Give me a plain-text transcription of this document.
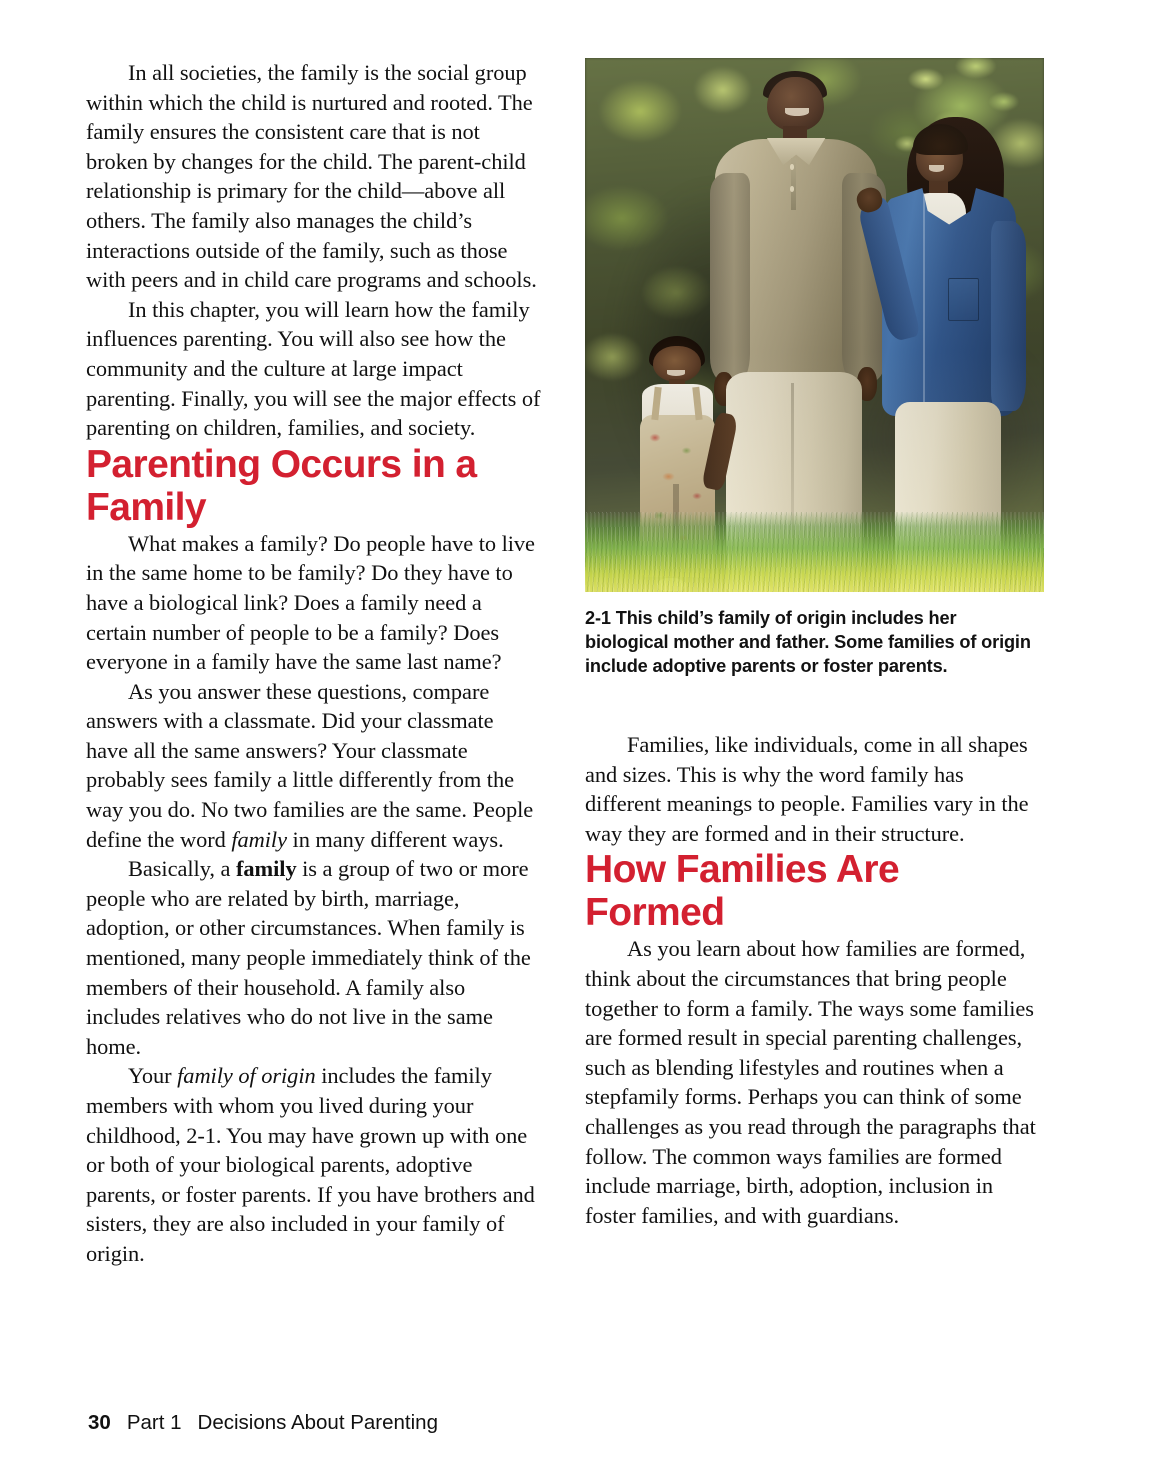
In all societies, the family is the social group within which the child is nurtured and rooted. The family ensures the consistent care that is not broken by changes for the child. The parent-child relationship is primary for the child—above all others. The family also manages the child’s interactions outside of the family, such as those with peers and in child care programs and schools.

In this chapter, you will learn how the family influences parenting. You will also see how the community and the culture at large impact parenting. Finally, you will see the major effects of parenting on children, families, and society.

Parenting Occurs in a Family

What makes a family? Do people have to live in the same home to be family? Do they have to have a biological link? Does a family need a certain number of people to be a family? Does everyone in a family have the same last name?

As you answer these questions, compare answers with a classmate. Did your classmate have all the same answers? Your classmate probably sees family a little differently from the way you do. No two families are the same. People define the word family in many different ways.

Basically, a family is a group of two or more people who are related by birth, marriage, adoption, or other circumstances. When family is mentioned, many people immediately think of the members of their household. A family also includes relatives who do not live in the same home.

Your family of origin includes the family members with whom you lived during your childhood, 2-1. You may have grown up with one or both of your biological parents, adoptive parents, or foster parents. If you have brothers and sisters, they are also included in your family of origin.

2-1 This child’s family of origin includes her biological mother and father. Some families of origin include adoptive parents or foster parents.

Families, like individuals, come in all shapes and sizes. This is why the word family has different meanings to people. Families vary in the way they are formed and in their structure.

How Families Are Formed

As you learn about how families are formed, think about the circumstances that bring people together to form a family. The ways some families are formed result in special parenting challenges, such as blending lifestyles and routines when a stepfamily forms. Perhaps you can think of some challenges as you read through the paragraphs that follow. The common ways families are formed include marriage, birth, adoption, inclusion in foster families, and with guardians.

30 Part 1 Decisions About Parenting
